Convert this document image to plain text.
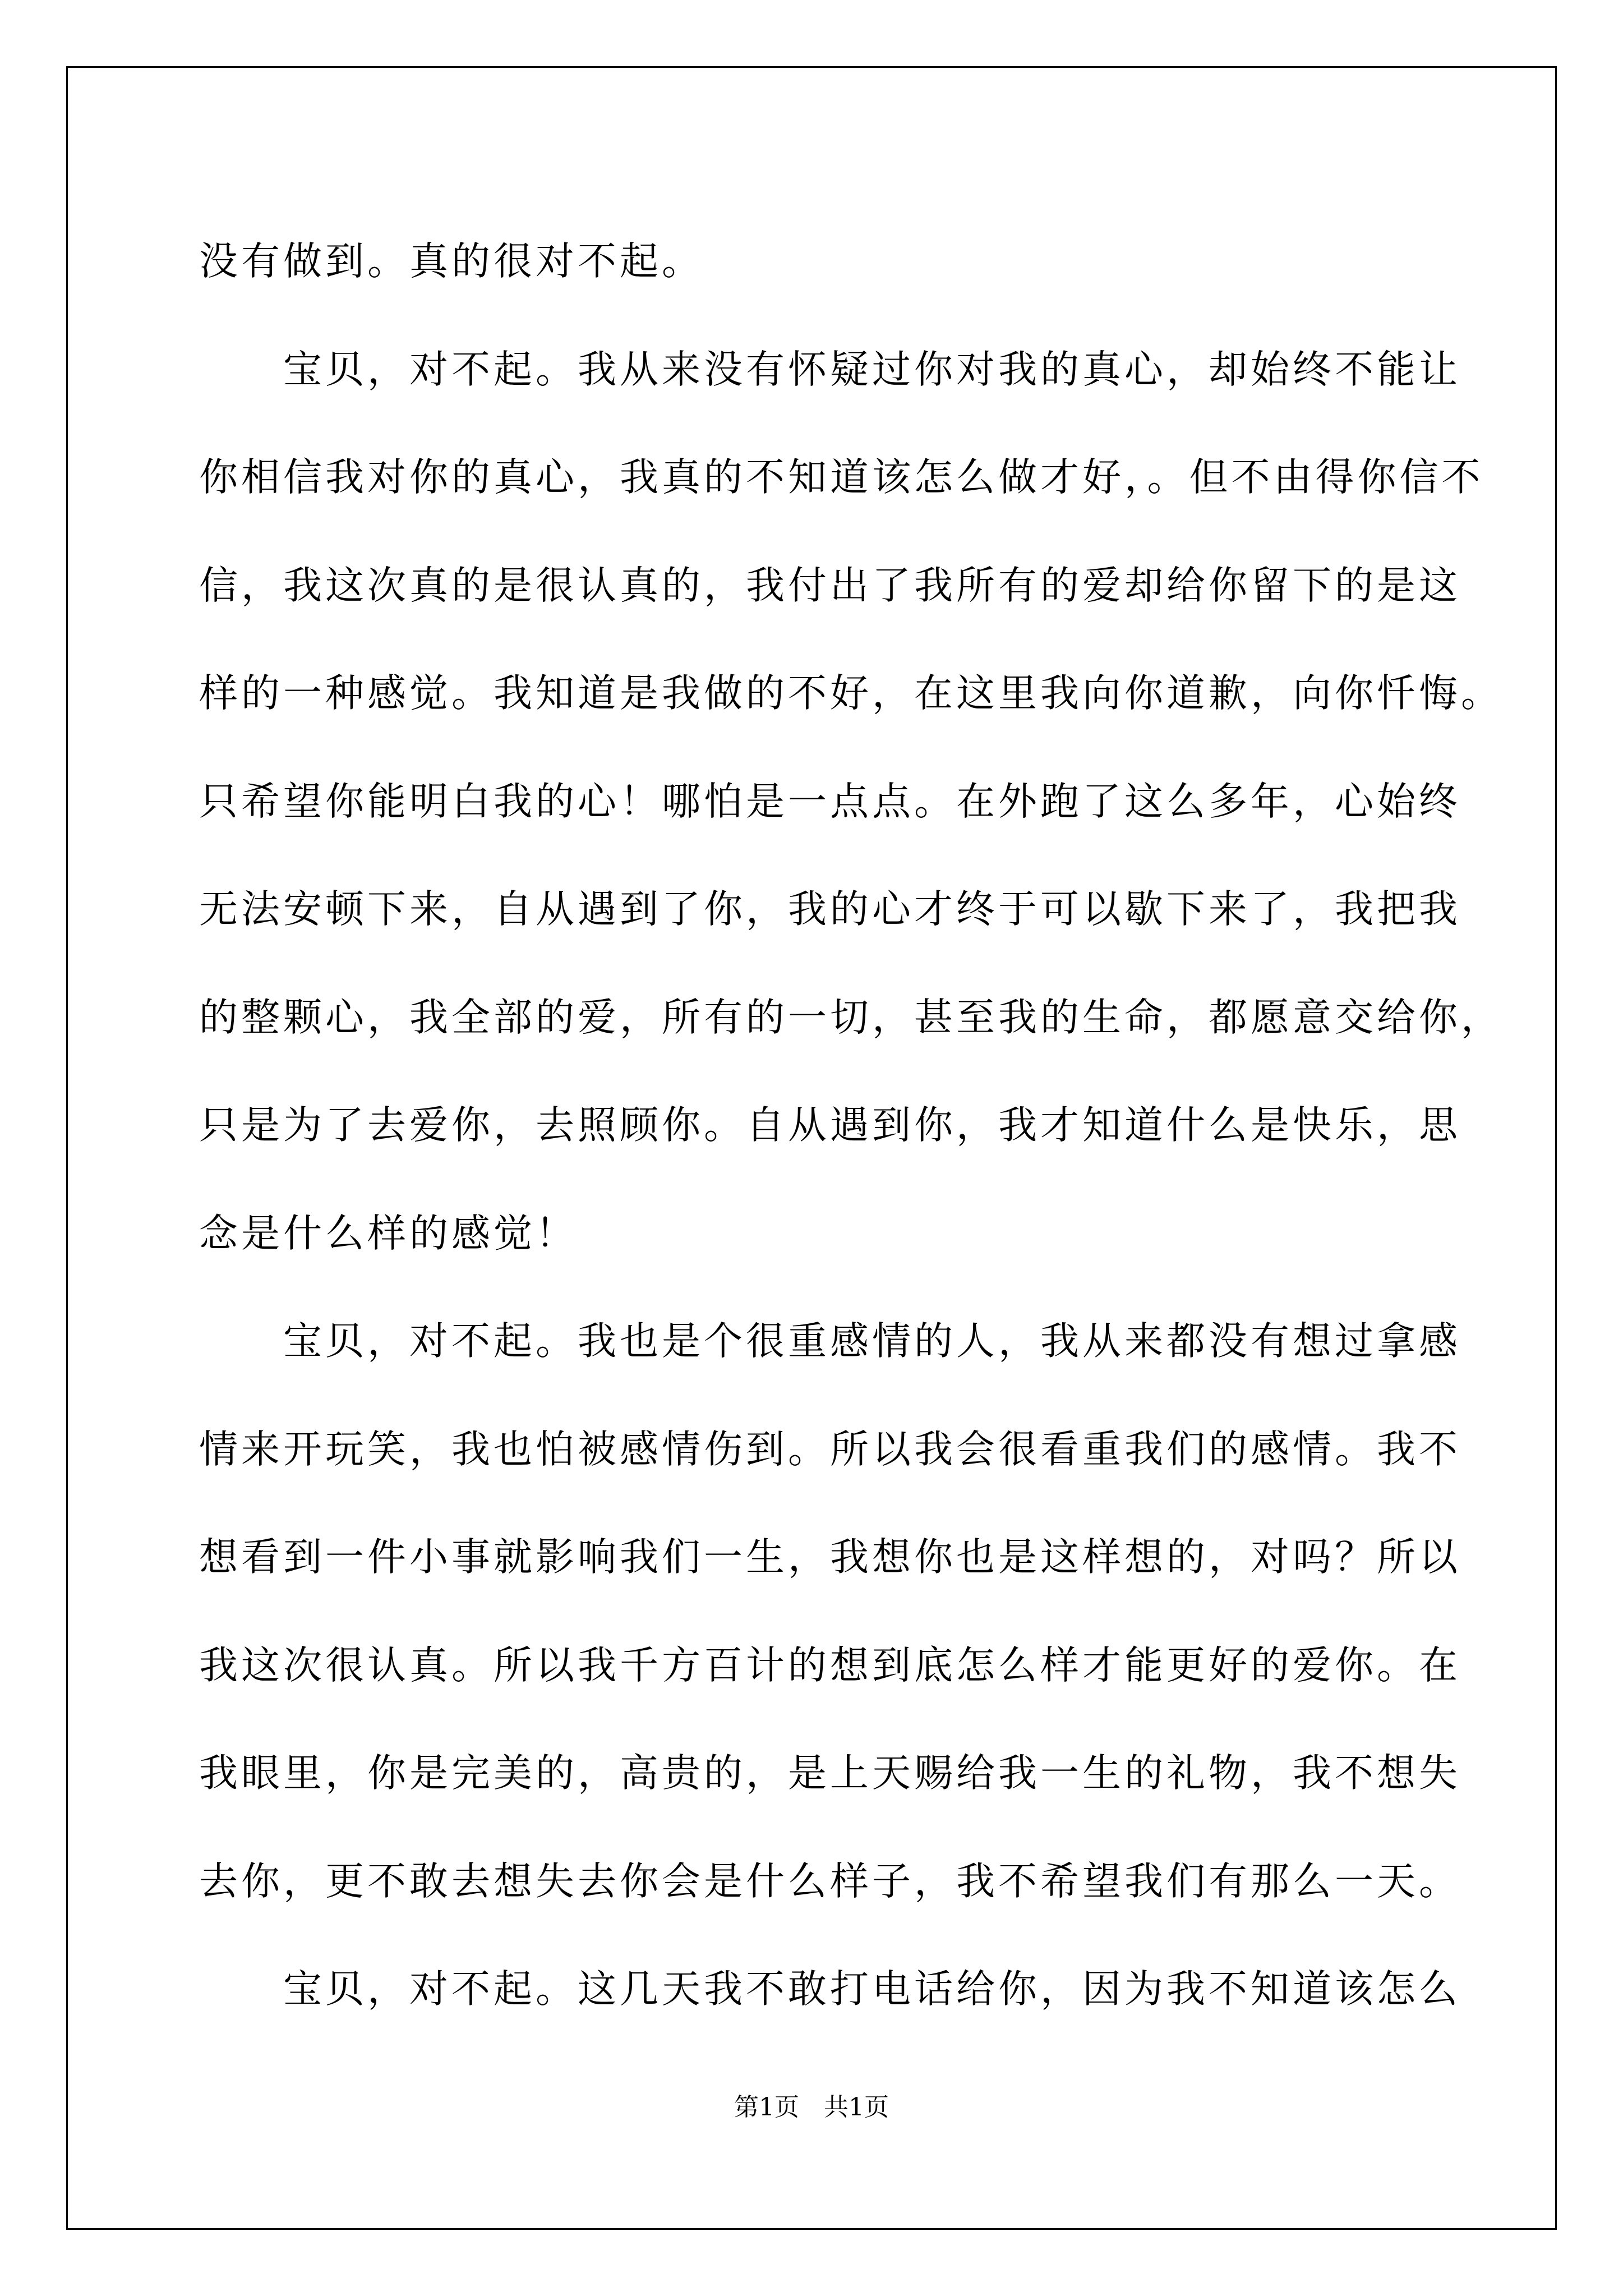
没有做到。真的很对不起。
宝贝，对不起。我从来没有怀疑过你对我的真心，却始终不能让
你相信我对你的真心，我真的不知道该怎么做才好，。但不由得你信不
信，我这次真的是很认真的，我付出了我所有的爱却给你留下的是这
样的一种感觉。我知道是我做的不好，在这里我向你道歉，向你忏悔。
只希望你能明白我的心！哪怕是一点点。在外跑了这么多年，心始终
无法安顿下来，自从遇到了你，我的心才终于可以歇下来了，我把我
的整颗心，我全部的爱，所有的一切，甚至我的生命，都愿意交给你，
只是为了去爱你，去照顾你。自从遇到你，我才知道什么是快乐，思
念是什么样的感觉！
宝贝，对不起。我也是个很重感情的人，我从来都没有想过拿感
情来开玩笑，我也怕被感情伤到。所以我会很看重我们的感情。我不
想看到一件小事就影响我们一生，我想你也是这样想的，对吗？所以
我这次很认真。所以我千方百计的想到底怎么样才能更好的爱你。在
我眼里，你是完美的，高贵的，是上天赐给我一生的礼物，我不想失
去你，更不敢去想失去你会是什么样子，我不希望我们有那么一天。
宝贝，对不起。这几天我不敢打电话给你，因为我不知道该怎么
第1页　共1页
